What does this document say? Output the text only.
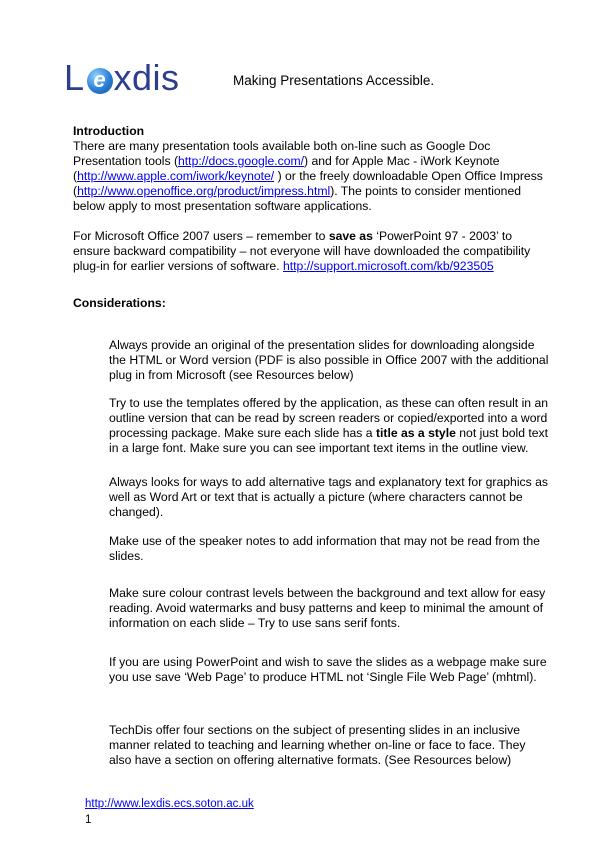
L e xdis	Making Presentations Accessible.

Introduction

There are many presentation tools available both on-line such as Google Doc Presentation tools (http://docs.google.com/) and for Apple Mac - iWork Keynote (http://www.apple.com/iwork/keynote/ ) or the freely downloadable Open Office Impress (http://www.openoffice.org/product/impress.html). The points to consider mentioned below apply to most presentation software applications.

For Microsoft Office 2007 users – remember to save as ‘PowerPoint 97 - 2003’ to ensure backward compatibility – not everyone will have downloaded the compatibility plug-in for earlier versions of software. http://support.microsoft.com/kb/923505

Considerations:
Always provide an original of the presentation slides for downloading alongside the HTML or Word version (PDF is also possible in Office 2007 with the additional plug in from Microsoft (see Resources below)
Try to use the templates offered by the application, as these can often result in an outline version that can be read by screen readers or copied/exported into a word processing package. Make sure each slide has a title as a style not just bold text in a large font. Make sure you can see important text items in the outline view.
Always looks for ways to add alternative tags and explanatory text for graphics as well as Word Art or text that is actually a picture (where characters cannot be changed).
Make use of the speaker notes to add information that may not be read from the slides.
Make sure colour contrast levels between the background and text allow for easy reading. Avoid watermarks and busy patterns and keep to minimal the amount of information on each slide – Try to use sans serif fonts.
If you are using PowerPoint and wish to save the slides as a webpage make sure you use save ‘Web Page’ to produce HTML not ‘Single File Web Page’ (mhtml).
TechDis offer four sections on the subject of presenting slides in an inclusive manner related to teaching and learning whether on-line or face to face. They also have a section on offering alternative formats. (See Resources below)
http://www.lexdis.ecs.soton.ac.uk
1
